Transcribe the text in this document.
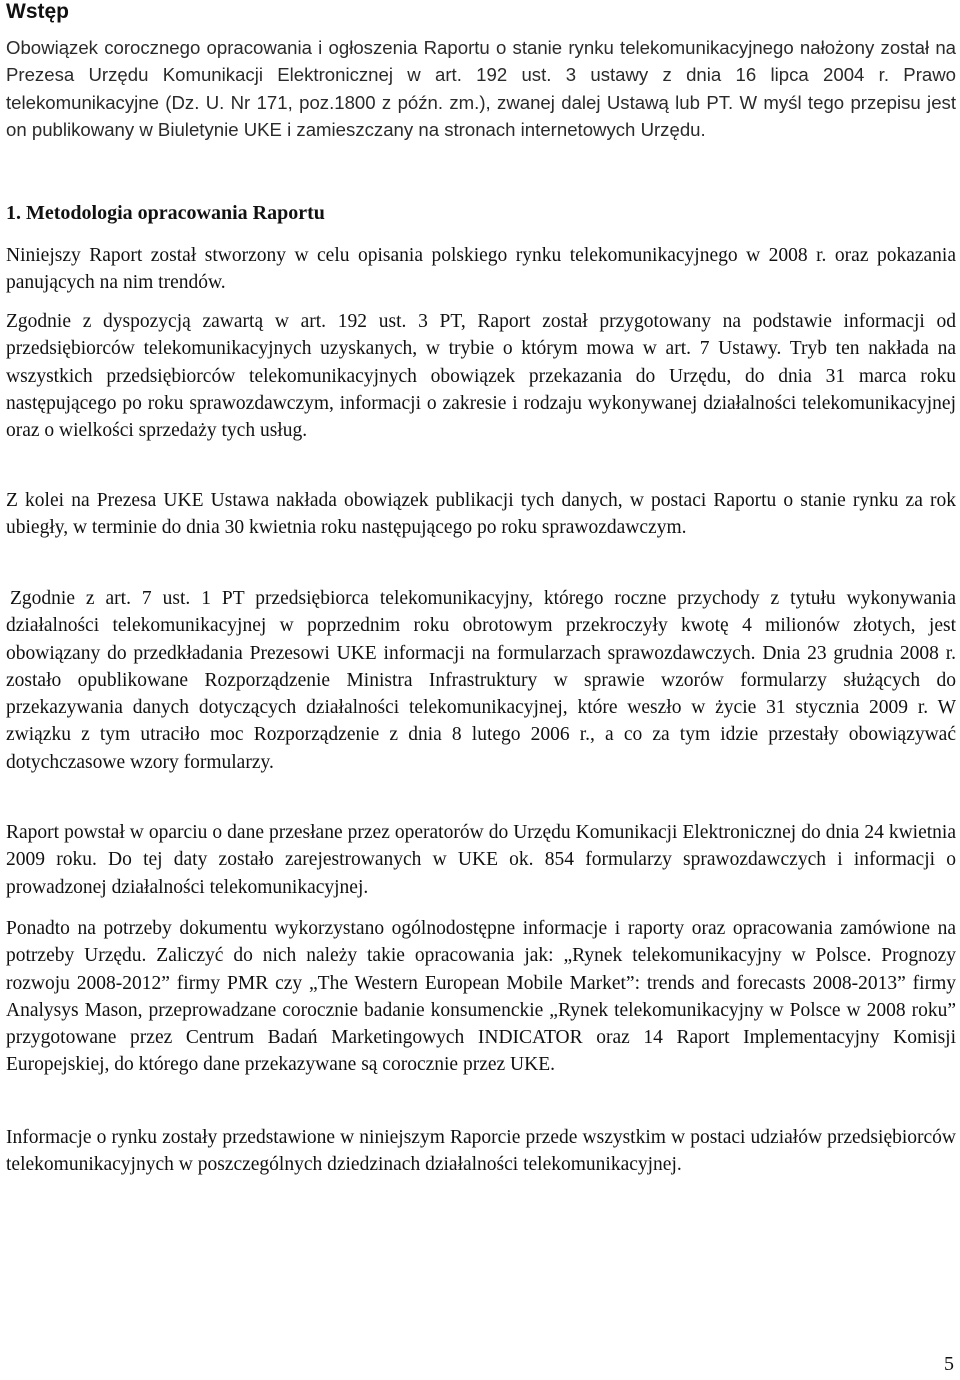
Wstęp

Obowiązek corocznego opracowania i ogłoszenia Raportu o stanie rynku telekomunikacyjnego nałożony został na Prezesa Urzędu Komunikacji Elektronicznej w art. 192 ust. 3 ustawy z dnia 16 lipca 2004 r. Prawo telekomunikacyjne (Dz. U. Nr 171, poz.1800 z późn. zm.), zwanej dalej Ustawą lub PT. W myśl tego przepisu jest on publikowany w Biuletynie UKE i zamieszczany na stronach internetowych Urzędu.

1. Metodologia opracowania Raportu

Niniejszy Raport został stworzony w celu opisania polskiego rynku telekomunikacyjnego w 2008 r. oraz pokazania panujących na nim trendów.

Zgodnie z dyspozycją zawartą w art. 192 ust. 3 PT, Raport został przygotowany na podstawie informacji od przedsiębiorców telekomunikacyjnych uzyskanych, w trybie o którym mowa w art. 7 Ustawy. Tryb ten nakłada na wszystkich przedsiębiorców telekomunikacyjnych obowiązek przekazania do Urzędu, do dnia 31 marca roku następującego po roku sprawozdawczym, informacji o zakresie i rodzaju wykonywanej działalności telekomunikacyjnej oraz o wielkości sprzedaży tych usług.

Z kolei na Prezesa UKE Ustawa nakłada obowiązek publikacji tych danych, w postaci Raportu o stanie rynku za rok ubiegły, w terminie do dnia 30 kwietnia roku następującego po roku sprawozdawczym.

Zgodnie z art. 7 ust. 1 PT przedsiębiorca telekomunikacyjny, którego roczne przychody z tytułu wykonywania działalności telekomunikacyjnej w poprzednim roku obrotowym przekroczyły kwotę 4 milionów złotych, jest obowiązany do przedkładania Prezesowi UKE informacji na formularzach sprawozdawczych. Dnia 23 grudnia 2008 r. zostało opublikowane Rozporządzenie Ministra Infrastruktury w sprawie wzorów formularzy służących do przekazywania danych dotyczących działalności telekomunikacyjnej, które weszło w życie 31 stycznia 2009 r. W związku z tym utraciło moc Rozporządzenie z dnia 8 lutego 2006 r., a co za tym idzie przestały obowiązywać dotychczasowe wzory formularzy.

Raport powstał w oparciu o dane przesłane przez operatorów do Urzędu Komunikacji Elektronicznej do dnia 24 kwietnia 2009 roku. Do tej daty zostało zarejestrowanych w UKE ok. 854 formularzy sprawozdawczych i informacji o prowadzonej działalności telekomunikacyjnej.

Ponadto na potrzeby dokumentu wykorzystano ogólnodostępne informacje i raporty oraz opracowania zamówione na potrzeby Urzędu. Zaliczyć do nich należy takie opracowania jak: „Rynek telekomunikacyjny w Polsce. Prognozy rozwoju 2008-2012” firmy PMR czy „The Western European Mobile Market”: trends and forecasts 2008-2013” firmy Analysys Mason, przeprowadzane corocznie badanie konsumenckie „Rynek telekomunikacyjny w Polsce w 2008 roku” przygotowane przez Centrum Badań Marketingowych INDICATOR oraz 14 Raport Implementacyjny Komisji Europejskiej, do którego dane przekazywane są corocznie przez UKE.

Informacje o rynku zostały przedstawione w niniejszym Raporcie przede wszystkim w postaci udziałów przedsiębiorców telekomunikacyjnych w poszczególnych dziedzinach działalności telekomunikacyjnej.

5
